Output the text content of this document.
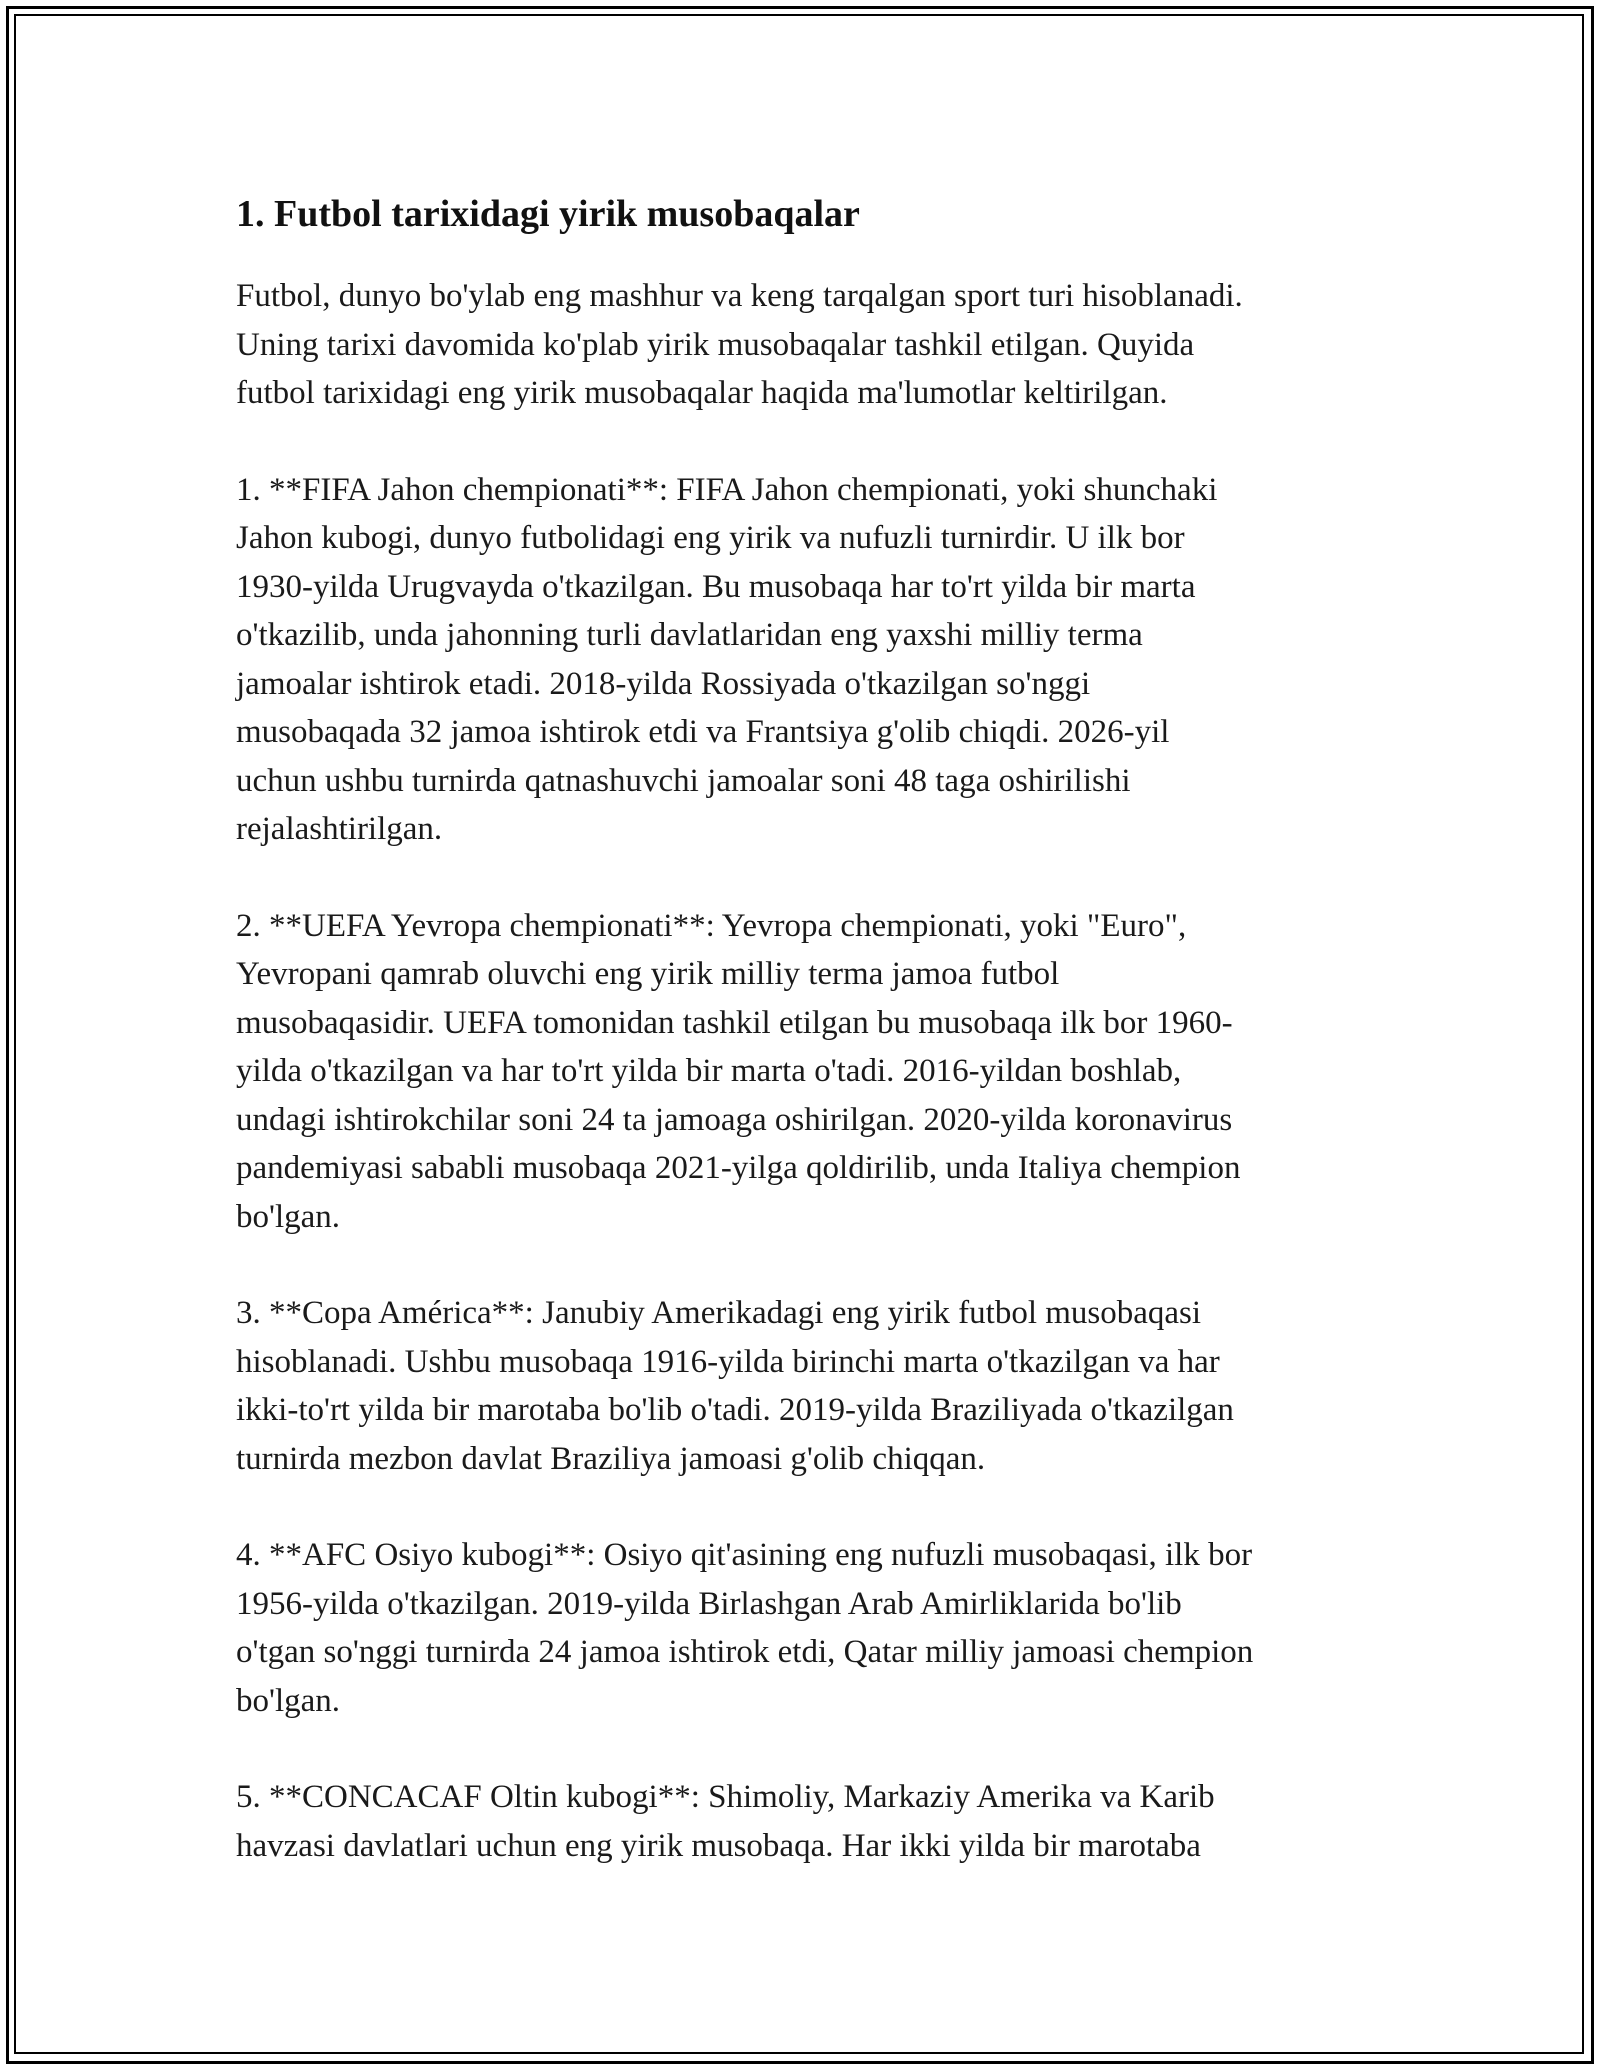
1. Futbol tarixidagi yirik musobaqalar

Futbol, dunyo bo'ylab eng mashhur va keng tarqalgan sport turi hisoblanadi.
Uning tarixi davomida ko'plab yirik musobaqalar tashkil etilgan. Quyida
futbol tarixidagi eng yirik musobaqalar haqida ma'lumotlar keltirilgan.

1. **FIFA Jahon chempionati**: FIFA Jahon chempionati, yoki shunchaki
Jahon kubogi, dunyo futbolidagi eng yirik va nufuzli turnirdir. U ilk bor
1930-yilda Urugvayda o'tkazilgan. Bu musobaqa har to'rt yilda bir marta
o'tkazilib, unda jahonning turli davlatlaridan eng yaxshi milliy terma
jamoalar ishtirok etadi. 2018-yilda Rossiyada o'tkazilgan so'nggi
musobaqada 32 jamoa ishtirok etdi va Frantsiya g'olib chiqdi. 2026-yil
uchun ushbu turnirda qatnashuvchi jamoalar soni 48 taga oshirilishi
rejalashtirilgan.

2. **UEFA Yevropa chempionati**: Yevropa chempionati, yoki "Euro",
Yevropani qamrab oluvchi eng yirik milliy terma jamoa futbol
musobaqasidir. UEFA tomonidan tashkil etilgan bu musobaqa ilk bor 1960-
yilda o'tkazilgan va har to'rt yilda bir marta o'tadi. 2016-yildan boshlab,
undagi ishtirokchilar soni 24 ta jamoaga oshirilgan. 2020-yilda koronavirus
pandemiyasi sababli musobaqa 2021-yilga qoldirilib, unda Italiya chempion
bo'lgan.

3. **Copa América**: Janubiy Amerikadagi eng yirik futbol musobaqasi
hisoblanadi. Ushbu musobaqa 1916-yilda birinchi marta o'tkazilgan va har
ikki-to'rt yilda bir marotaba bo'lib o'tadi. 2019-yilda Braziliyada o'tkazilgan
turnirda mezbon davlat Braziliya jamoasi g'olib chiqqan.

4. **AFC Osiyo kubogi**: Osiyo qit'asining eng nufuzli musobaqasi, ilk bor
1956-yilda o'tkazilgan. 2019-yilda Birlashgan Arab Amirliklarida bo'lib
o'tgan so'nggi turnirda 24 jamoa ishtirok etdi, Qatar milliy jamoasi chempion
bo'lgan.

5. **CONCACAF Oltin kubogi**: Shimoliy, Markaziy Amerika va Karib
havzasi davlatlari uchun eng yirik musobaqa. Har ikki yilda bir marotaba
